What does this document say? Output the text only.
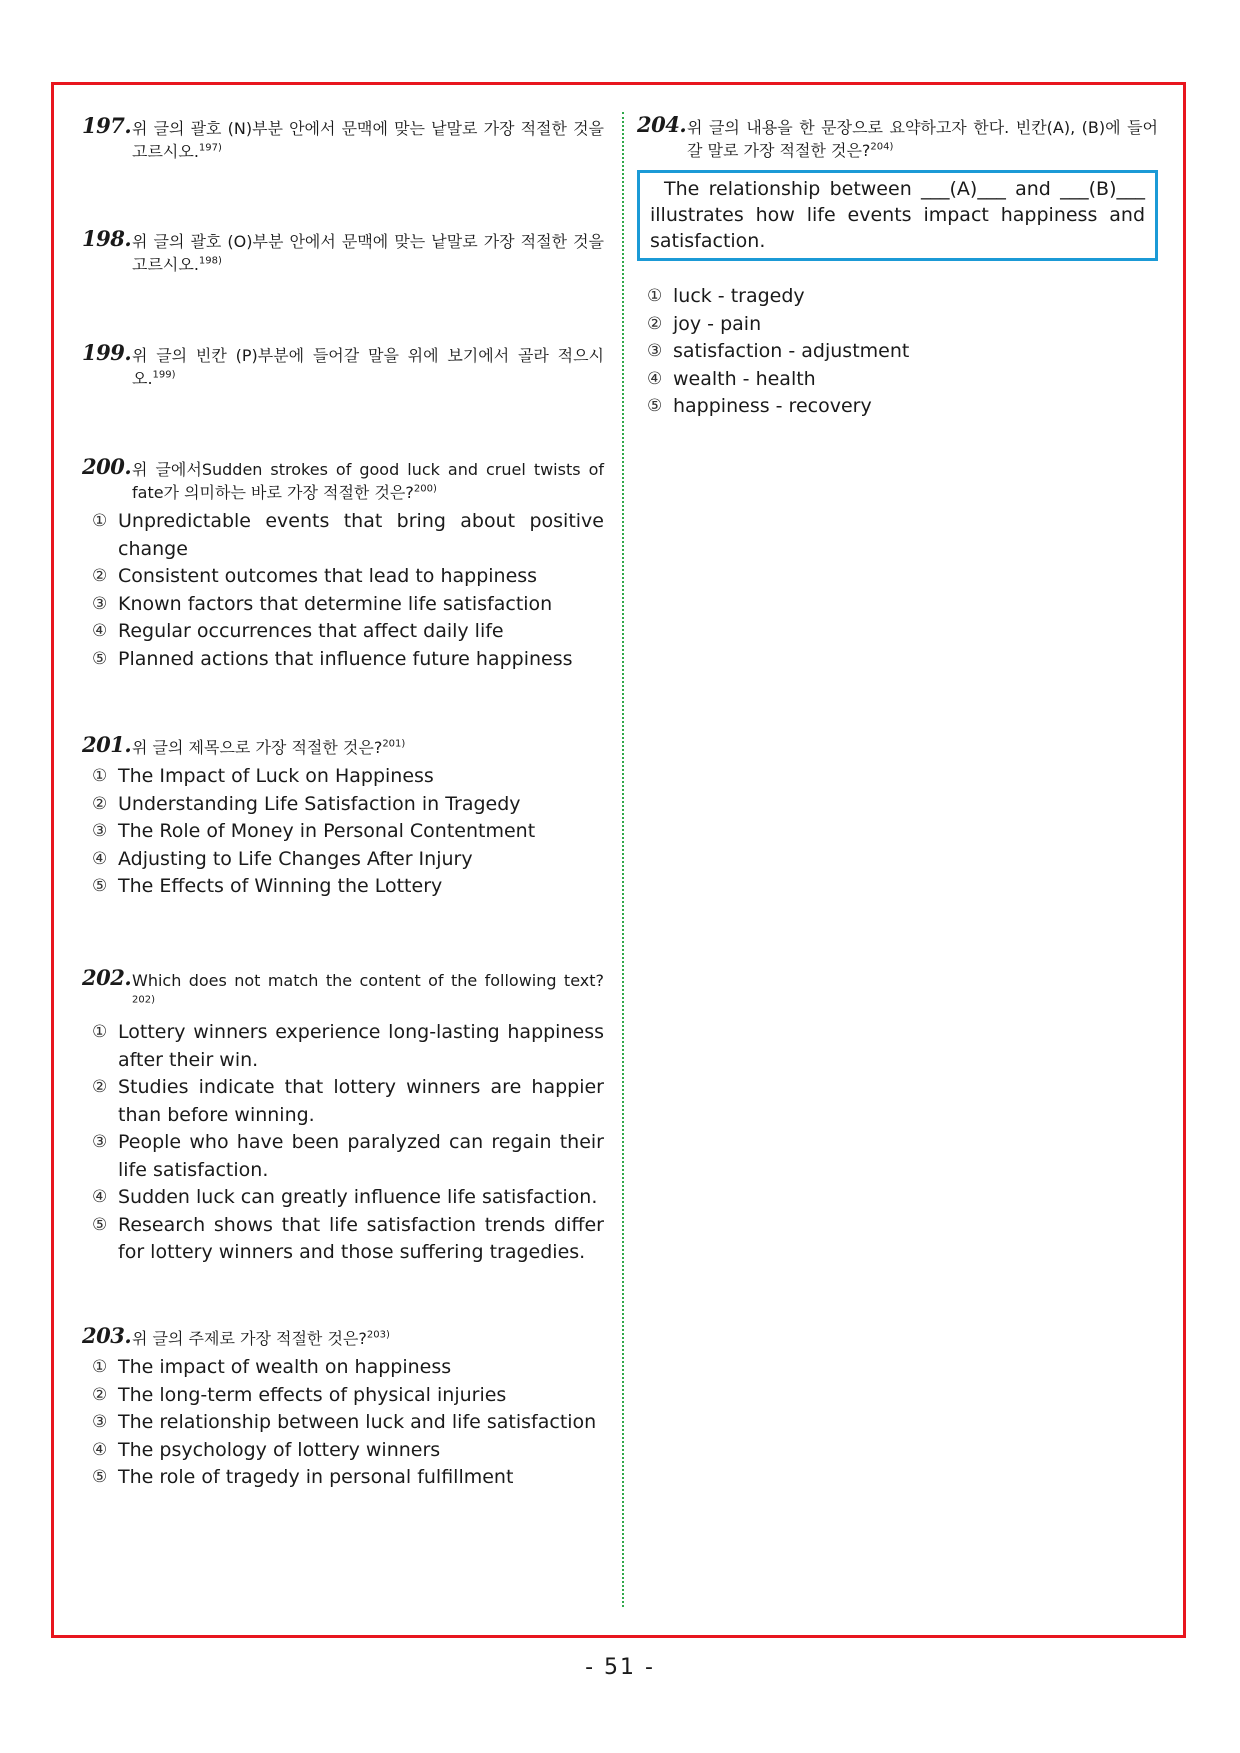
197. 위 글의 괄호 (N)부분 안에서 문맥에 맞는 낱말로 가장 적절한 것을 고르시오.$^{197)}$
198. 위 글의 괄호 (O)부분 안에서 문맥에 맞는 낱말로 가장 적절한 것을 고르시오.$^{198)}$
199. 위 글의 빈칸 (P)부분에 들어갈 말을 위에 보기에서 골라 적으시오.$^{199)}$
200. 위 글에서Sudden strokes of good luck and cruel twists of fate가 의미하는 바로 가장 적절한 것은?$^{200)}$
① Unpredictable events that bring about positive change
② Consistent outcomes that lead to happiness
③ Known factors that determine life satisfaction
④ Regular occurrences that affect daily life
⑤ Planned actions that influence future happiness
201. 위 글의 제목으로 가장 적절한 것은?$^{201)}$
① The Impact of Luck on Happiness
② Understanding Life Satisfaction in Tragedy
③ The Role of Money in Personal Contentment
④ Adjusting to Life Changes After Injury
⑤ The Effects of Winning the Lottery
202. Which does not match the content of the following text?$^{202)}$
① Lottery winners experience long-lasting happiness after their win.
② Studies indicate that lottery winners are happier than before winning.
③ People who have been paralyzed can regain their life satisfaction.
④ Sudden luck can greatly influence life satisfaction.
⑤ Research shows that life satisfaction trends differ for lottery winners and those suffering tragedies.
203. 위 글의 주제로 가장 적절한 것은?$^{203)}$
① The impact of wealth on happiness
② The long-term effects of physical injuries
③ The relationship between luck and life satisfaction
④ The psychology of lottery winners
⑤ The role of tragedy in personal fulfillment
204. 위 글의 내용을 한 문장으로 요약하고자 한다. 빈칸(A), (B)에 들어갈 말로 가장 적절한 것은?$^{204)}$
The relationship between ___(A)___ and ___(B)___ illustrates how life events impact happiness and satisfaction.
① luck - tragedy
② joy - pain
③ satisfaction - adjustment
④ wealth - health
⑤ happiness - recovery
- 51 -
